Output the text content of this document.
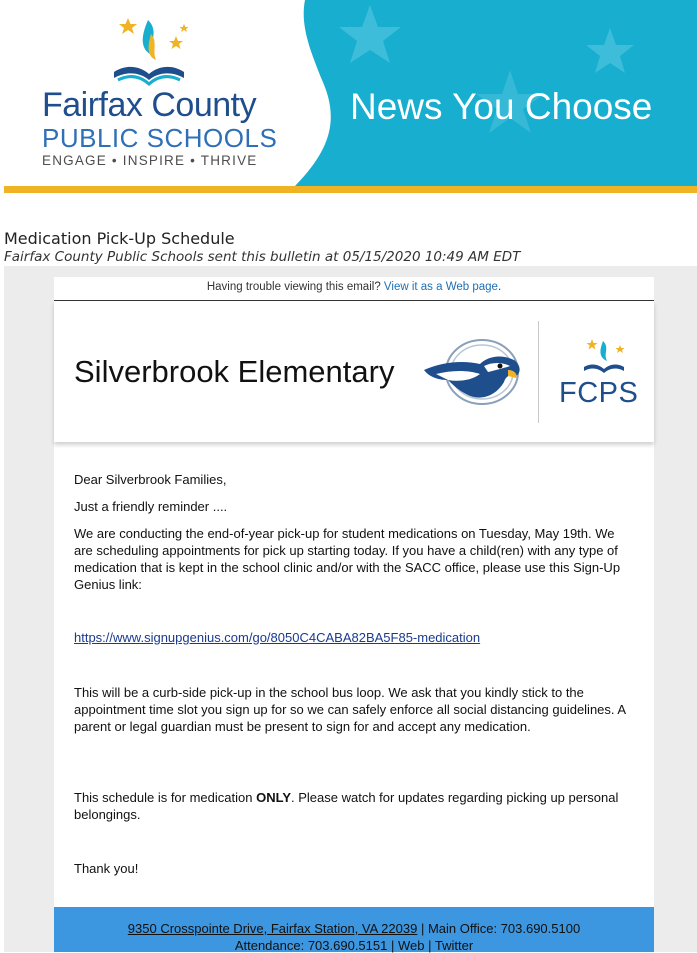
Fairfax County
PUBLIC SCHOOLS
ENGAGE • INSPIRE • THRIVE
News You Choose
Medication Pick-Up Schedule
Fairfax County Public Schools sent this bulletin at 05/15/2020 10:49 AM EDT
Having trouble viewing this email? View it as a Web page.
Silverbrook Elementary
FCPS
Dear Silverbrook Families,
Just a friendly reminder ....
We are conducting the end-of-year pick-up for student medications on Tuesday, May 19th. We are scheduling appointments for pick up starting today. If you have a child(ren) with any type of medication that is kept in the school clinic and/or with the SACC office, please use this Sign-Up Genius link:
https://www.signupgenius.com/go/8050C4CABA82BA5F85-medication
This will be a curb-side pick-up in the school bus loop. We ask that you kindly stick to the appointment time slot you sign up for so we can safely enforce all social distancing guidelines. A parent or legal guardian must be present to sign for and accept any medication.
This schedule is for medication ONLY. Please watch for updates regarding picking up personal belongings.
Thank you!
9350 Crosspointe Drive, Fairfax Station, VA 22039 | Main Office: 703.690.5100
Attendance: 703.690.5151 | Web | Twitter
